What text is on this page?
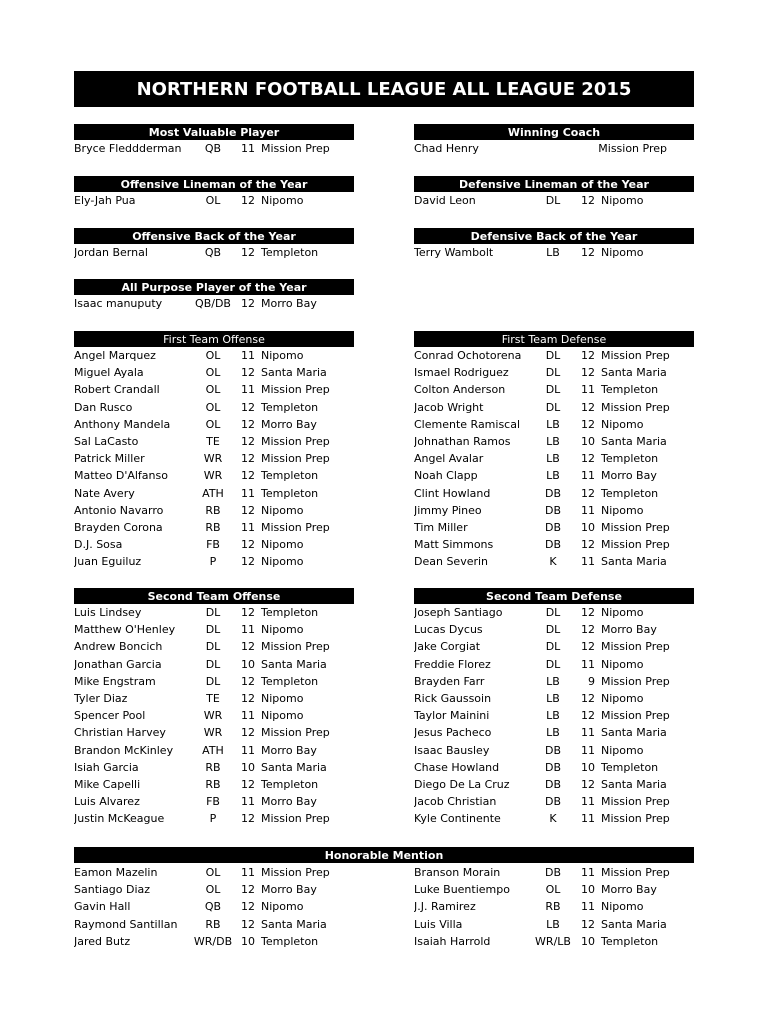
NORTHERN FOOTBALL LEAGUE ALL LEAGUE 2015
Most Valuable Player
Bryce Fleddderman	QB	11 Mission Prep
Winning Coach
Chad Henry	Mission Prep
Offensive Lineman of the Year
Ely-Jah Pua	OL	12 Nipomo
Defensive Lineman of the Year
David Leon	DL	12 Nipomo
Offensive Back of the Year
Jordan Bernal	QB	12 Templeton
Defensive Back of the Year
Terry Wambolt	LB	12 Nipomo
All Purpose Player of the Year
Isaac manuputy	QB/DB 12 Morro Bay
First Team Offense
Angel Marquez	OL	11 Nipomo
Miguel Ayala	OL	12 Santa Maria
Robert Crandall	OL	11 Mission Prep
Dan Rusco	OL	12 Templeton
Anthony Mandela	OL	12 Morro Bay
Sal LaCasto	TE	12 Mission Prep
Patrick Miller	WR	12 Mission Prep
Matteo D'Alfanso	WR	12 Templeton
Nate Avery	ATH	11 Templeton
Antonio Navarro	RB	12 Nipomo
Brayden Corona	RB	11 Mission Prep
D.J. Sosa	FB	12 Nipomo
Juan Eguiluz	P	12 Nipomo
First Team Defense
Conrad Ochotorena	DL	12 Mission Prep
Ismael Rodriguez	DL	12 Santa Maria
Colton Anderson	DL	11 Templeton
Jacob Wright	DL	12 Mission Prep
Clemente Ramiscal	LB	12 Nipomo
Johnathan Ramos	LB	10 Santa Maria
Angel Avalar	LB	12 Templeton
Noah Clapp	LB	11 Morro Bay
Clint Howland	DB	12 Templeton
Jimmy Pineo	DB	11 Nipomo
Tim Miller	DB	10 Mission Prep
Matt Simmons	DB	12 Mission Prep
Dean Severin	K	11 Santa Maria
Second Team Offense
Luis Lindsey	DL	12 Templeton
Matthew O'Henley	DL	11 Nipomo
Andrew Boncich	DL	12 Mission Prep
Jonathan Garcia	DL	10 Santa Maria
Mike Engstram	DL	12 Templeton
Tyler Diaz	TE	12 Nipomo
Spencer Pool	WR	11 Nipomo
Christian Harvey	WR	12 Mission Prep
Brandon McKinley	ATH	11 Morro Bay
Isiah Garcia	RB	10 Santa Maria
Mike Capelli	RB	12 Templeton
Luis Alvarez	FB	11 Morro Bay
Justin McKeague	P	12 Mission Prep
Second Team Defense
Joseph Santiago	DL	12 Nipomo
Lucas Dycus	DL	12 Morro Bay
Jake Corgiat	DL	12 Mission Prep
Freddie Florez	DL	11 Nipomo
Brayden Farr	LB	9 Mission Prep
Rick Gaussoin	LB	12 Nipomo
Taylor Mainini	LB	12 Mission Prep
Jesus Pacheco	LB	11 Santa Maria
Isaac Bausley	DB	11 Nipomo
Chase Howland	DB	10 Templeton
Diego De La Cruz	DB	12 Santa Maria
Jacob Christian	DB	11 Mission Prep
Kyle Continente	K	11 Mission Prep
Honorable Mention
Eamon Mazelin	OL	11 Mission Prep
Santiago Diaz	OL	12 Morro Bay
Gavin Hall	QB	12 Nipomo
Raymond Santillan	RB	12 Santa Maria
Jared Butz	WR/DB 10 Templeton
Branson Morain	DB	11 Mission Prep
Luke Buentiempo	OL	10 Morro Bay
J.J. Ramirez	RB	11 Nipomo
Luis Villa	LB	12 Santa Maria
Isaiah Harrold	WR/LB 10 Templeton
